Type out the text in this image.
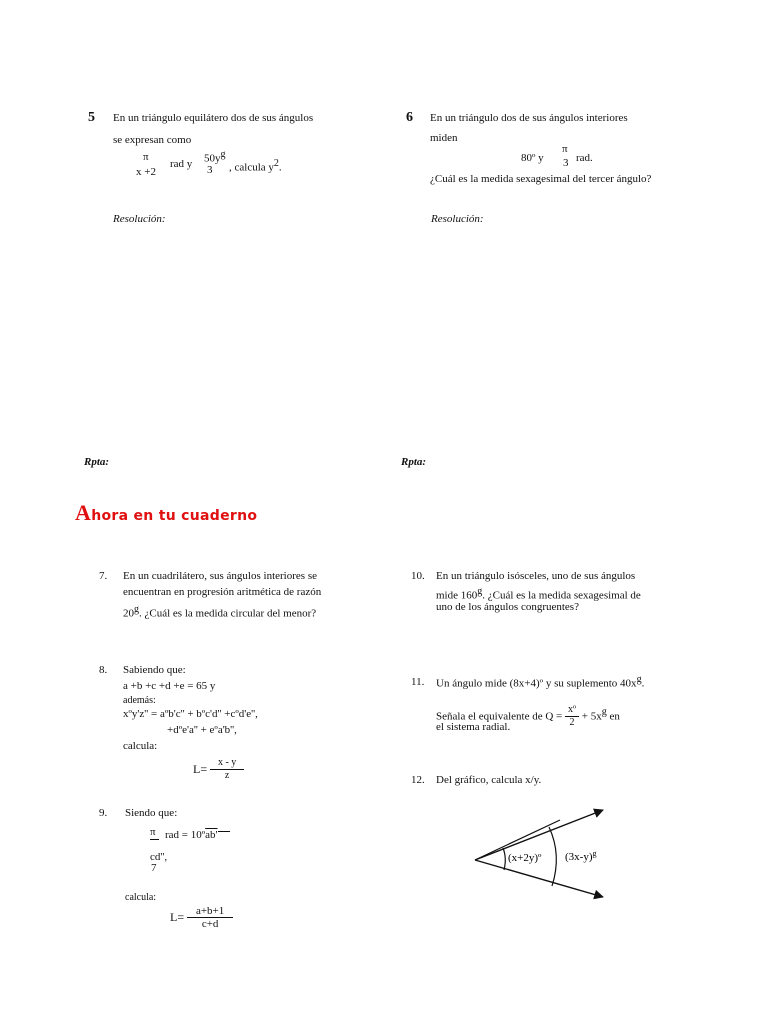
5 En un triángulo equilátero dos de sus ángulos
se expresan como
π
x +2
rad y $50y^g$
3 , calcula $y^2$.
Resolución:
Rpta:
6 En un triángulo dos de sus ángulos interiores
miden
80º y
π
3 rad.
¿Cuál es la medida sexagesimal del tercer ángulo?
Resolución:
Rpta:
Ahora en tu cuaderno
7. En un cuadrilátero, sus ángulos interiores se
encuentran en progresión aritmética de razón
20$^g$. ¿Cuál es la medida circular del menor?
8. Sabiendo que:
a +b +c +d +e = 65 y
además:
xºy'z'' = aºb'c'' + bºc'd'' +cºd'e'',
+dºe'a'' + eºa'b'',
calcula:
$L= \frac{x - y}{z}$
9. Siendo que:
π rad = 10ºab'
cd'',
7
calcula:
$L= \frac{a+b+1}{c+d}$
10. En un triángulo isósceles, uno de sus ángulos
mide 160$^g$. ¿Cuál es la medida sexagesimal de
uno de los ángulos congruentes?
11. Un ángulo mide (8x+4)º y su suplemento $40x^g$.
Señala el equivalente de $Q = \frac{\text{xº}}{2} + 5x^g$ en
el sistema radial.
12. Del gráfico, calcula x/y.
(x+2y)º $(3x-y)^g$
